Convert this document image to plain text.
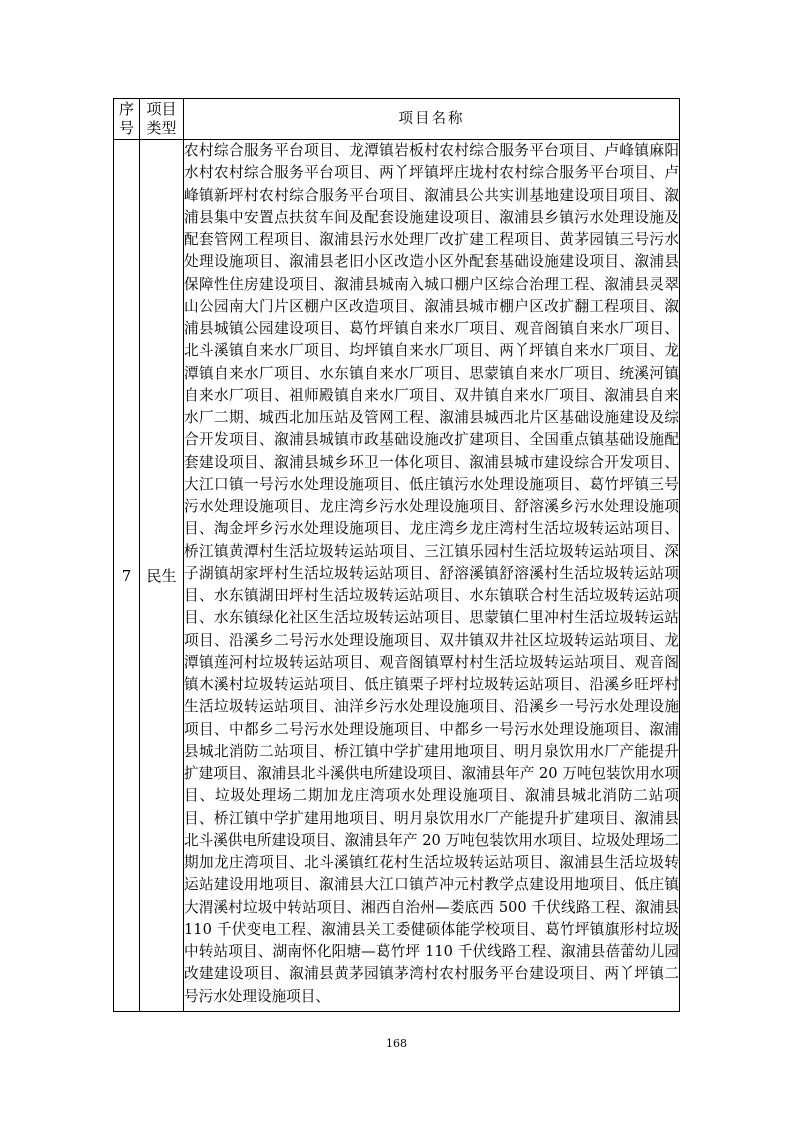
序号	项目类型	项目名称
7	民生	农村综合服务平台项目、龙潭镇岩板村农村综合服务平台项目、卢峰镇麻阳水村农村综合服务平台项目、两丫坪镇坪庄垅村农村综合服务平台项目、卢峰镇新坪村农村综合服务平台项目、溆浦县公共实训基地建设项目项目、溆浦县集中安置点扶贫车间及配套设施建设项目、溆浦县乡镇污水处理设施及配套管网工程项目、溆浦县污水处理厂改扩建工程项目、黄茅园镇三号污水处理设施项目、溆浦县老旧小区改造小区外配套基础设施建设项目、溆浦县保障性住房建设项目、溆浦县城南入城口棚户区综合治理工程、溆浦县灵翠山公园南大门片区棚户区改造项目、溆浦县城市棚户区改扩翻工程项目、溆浦县城镇公园建设项目、葛竹坪镇自来水厂项目、观音阁镇自来水厂项目、北斗溪镇自来水厂项目、均坪镇自来水厂项目、两丫坪镇自来水厂项目、龙潭镇自来水厂项目、水东镇自来水厂项目、思蒙镇自来水厂项目、统溪河镇自来水厂项目、祖师殿镇自来水厂项目、双井镇自来水厂项目、溆浦县自来水厂二期、城西北加压站及管网工程、溆浦县城西北片区基础设施建设及综合开发项目、溆浦县城镇市政基础设施改扩建项目、全国重点镇基础设施配套建设项目、溆浦县城乡环卫一体化项目、溆浦县城市建设综合开发项目、大江口镇一号污水处理设施项目、低庄镇污水处理设施项目、葛竹坪镇三号污水处理设施项目、龙庄湾乡污水处理设施项目、舒溶溪乡污水处理设施项目、淘金坪乡污水处理设施项目、龙庄湾乡龙庄湾村生活垃圾转运站项目、桥江镇黄潭村生活垃圾转运站项目、三江镇乐园村生活垃圾转运站项目、深子湖镇胡家坪村生活垃圾转运站项目、舒溶溪镇舒溶溪村生活垃圾转运站项目、水东镇湖田坪村生活垃圾转运站项目、水东镇联合村生活垃圾转运站项目、水东镇绿化社区生活垃圾转运站项目、思蒙镇仁里冲村生活垃圾转运站项目、沿溪乡二号污水处理设施项目、双井镇双井社区垃圾转运站项目、龙潭镇莲河村垃圾转运站项目、观音阁镇覃村村生活垃圾转运站项目、观音阁镇木溪村垃圾转运站项目、低庄镇栗子坪村垃圾转运站项目、沿溪乡旺坪村生活垃圾转运站项目、油洋乡污水处理设施项目、沿溪乡一号污水处理设施项目、中都乡二号污水处理设施项目、中都乡一号污水处理设施项目、溆浦县城北消防二站项目、桥江镇中学扩建用地项目、明月泉饮用水厂产能提升扩建项目、溆浦县北斗溪供电所建设项目、溆浦县年产 20 万吨包装饮用水项目、垃圾处理场二期加龙庄湾项水处理设施项目、溆浦县城北消防二站项目、桥江镇中学扩建用地项目、明月泉饮用水厂产能提升扩建项目、溆浦县北斗溪供电所建设项目、溆浦县年产 20 万吨包装饮用水项目、垃圾处理场二期加龙庄湾项目、北斗溪镇红花村生活垃圾转运站项目、溆浦县生活垃圾转运站建设用地项目、溆浦县大江口镇芦冲元村教学点建设用地项目、低庄镇大渭溪村垃圾中转站项目、湘西自治州—娄底西 500 千伏线路工程、溆浦县 110 千伏变电工程、溆浦县关工委健硕体能学校项目、葛竹坪镇旗形村垃圾中转站项目、湖南怀化阳塘—葛竹坪 110 千伏线路工程、溆浦县蓓蕾幼儿园改建建设项目、溆浦县黄茅园镇茅湾村农村服务平台建设项目、两丫坪镇二号污水处理设施项目、
168
